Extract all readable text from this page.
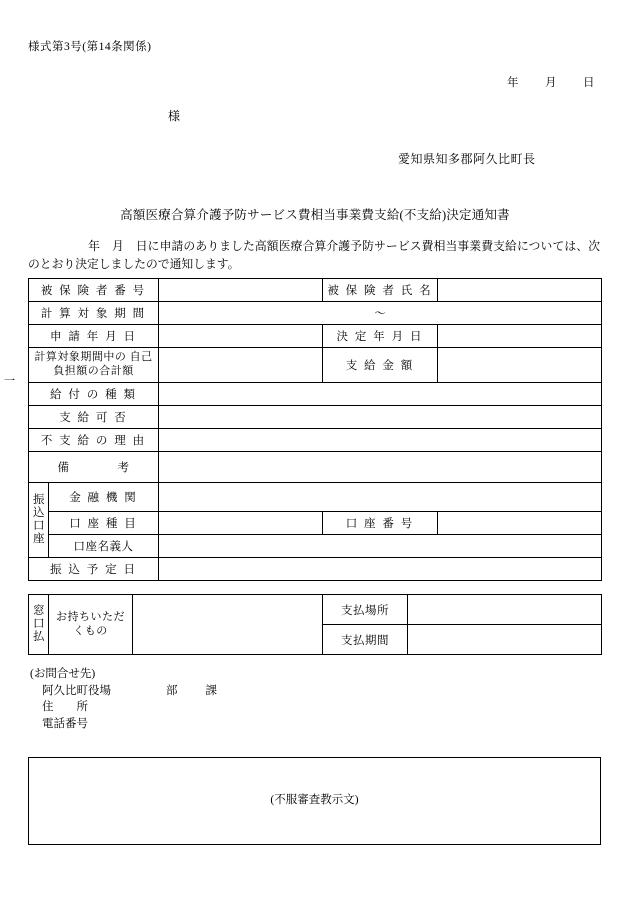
様式第3号(第14条関係)
年 月 日
様
愛知県知多郡阿久比町長
高額医療合算介護予防サービス費相当事業費支給(不支給)決定通知書
年　月　日に申請のありました高額医療合算介護予防サービス費相当事業費支給については、次のとおり決定しましたので通知します。
一
被 保 険 者 番 号			被 保 険 者 氏 名	
計 算 対 象 期 間		～		
申 請 年 月 日			決 定 年 月 日	
計算対象期間中の 自己負担額の合計額			支 給 金 額	
給 付 の 種 類				
支 給 可 否				
不 支 給 の 理 由				
備　　　　考				

振
込
口
座	金 融 機 関			
	口 座 種 目		口 座 番 号	
	口座名義人			
振 込 予 定 日				
窓
口
払	お持ちいただ くもの		支払場所	
			支払期間	
(お問合せ先)
阿久比町役場	部 課
住　　所
電話番号
(不服審査教示文)
